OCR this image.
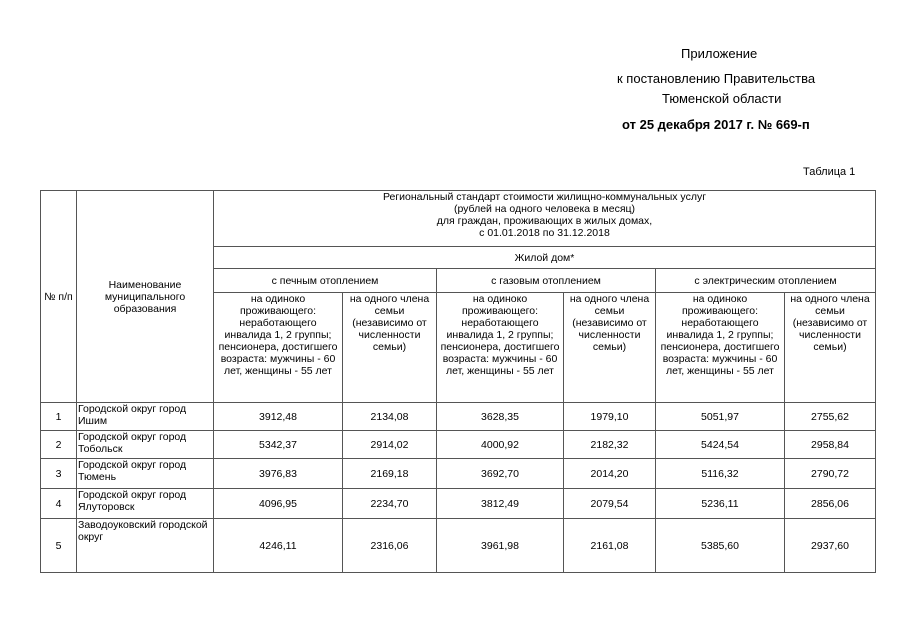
Приложение
к постановлению Правительства
Тюменской области
от 25 декабря 2017 г. № 669-п
Таблица 1
№ п/п	Наименование муниципального образования	Региональный стандарт стоимости жилищно-коммунальных услуг
(рублей на одного человека в месяц)
для граждан, проживающих в жилых домах,
с 01.01.2018 по 31.12.2018					

		Жилой дом*					
		с печным отоплением		с газовым отоплением		с электрическим отоплением	
		на одиноко проживающего: неработающего инвалида 1, 2 группы; пенсионера, достигшего возраста: мужчины - 60 лет, женщины - 55 лет	на одного члена семьи (независимо от численности семьи)	на одиноко проживающего: неработающего инвалида 1, 2 группы; пенсионера, достигшего возраста: мужчины - 60 лет, женщины - 55 лет	на одного члена семьи (независимо от численности семьи)	на одиноко проживающего: неработающего инвалида 1, 2 группы; пенсионера, достигшего возраста: мужчины - 60 лет, женщины - 55 лет	на одного члена семьи (независимо от численности семьи)
1	Городской округ город Ишим	3912,48	2134,08	3628,35	1979,10	5051,97	2755,62
2	Городской округ город Тобольск	5342,37	2914,02	4000,92	2182,32	5424,54	2958,84
3	Городской округ город Тюмень	3976,83	2169,18	3692,70	2014,20	5116,32	2790,72
4	Городской округ город Ялуторовск	4096,95	2234,70	3812,49	2079,54	5236,11	2856,06
5	Заводоуковский городской округ	4246,11	2316,06	3961,98	2161,08	5385,60	2937,60
